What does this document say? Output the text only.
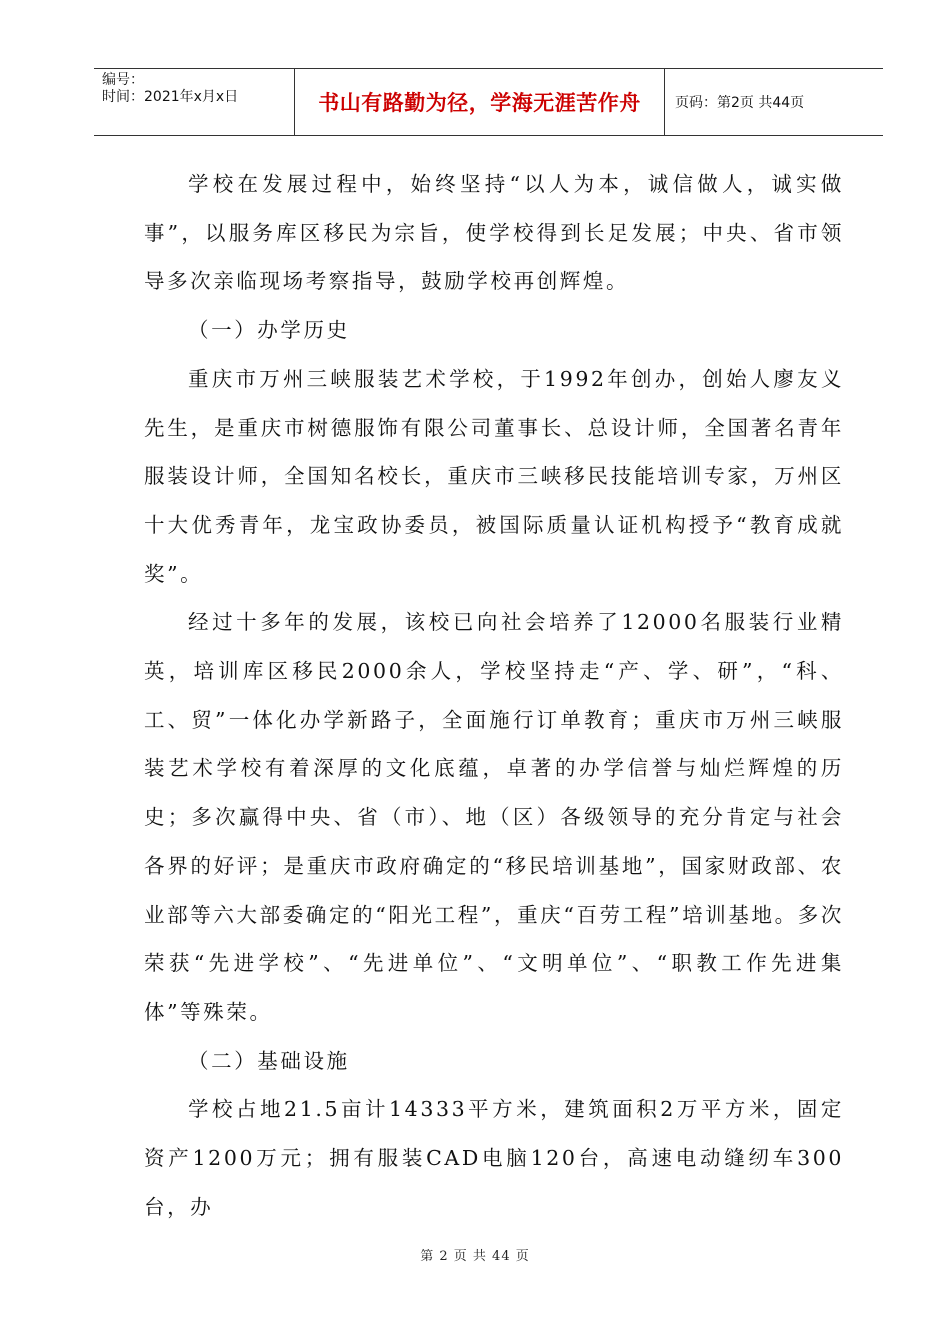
编号：
时间：2021年x月x日	书山有路勤为径，学海无涯苦作舟	页码：第2页 共44页

学校在发展过程中，始终坚持“以人为本，诚信做人，诚实做事”，以服务库区移民为宗旨，使学校得到长足发展；中央、省市领导多次亲临现场考察指导，鼓励学校再创辉煌。

（一）办学历史

重庆市万州三峡服装艺术学校，于1992年创办，创始人廖友义先生，是重庆市树德服饰有限公司董事长、总设计师，全国著名青年服装设计师，全国知名校长，重庆市三峡移民技能培训专家，万州区十大优秀青年，龙宝政协委员，被国际质量认证机构授予“教育成就奖”。

经过十多年的发展，该校已向社会培养了12000名服装行业精英，培训库区移民2000余人，学校坚持走“产、学、研”，“科、工、贸”一体化办学新路子，全面施行订单教育；重庆市万州三峡服装艺术学校有着深厚的文化底蕴，卓著的办学信誉与灿烂辉煌的历史；多次赢得中央、省（市）、地（区）各级领导的充分肯定与社会各界的好评；是重庆市政府确定的“移民培训基地”，国家财政部、农业部等六大部委确定的“阳光工程”，重庆“百劳工程”培训基地。多次荣获“先进学校”、“先进单位”、“文明单位”、“职教工作先进集体”等殊荣。

（二）基础设施

学校占地21.5亩计14333平方米，建筑面积2万平方米，固定资产1200万元；拥有服装CAD电脑120台，高速电动缝纫车300台，办

第 2 页 共 44 页
